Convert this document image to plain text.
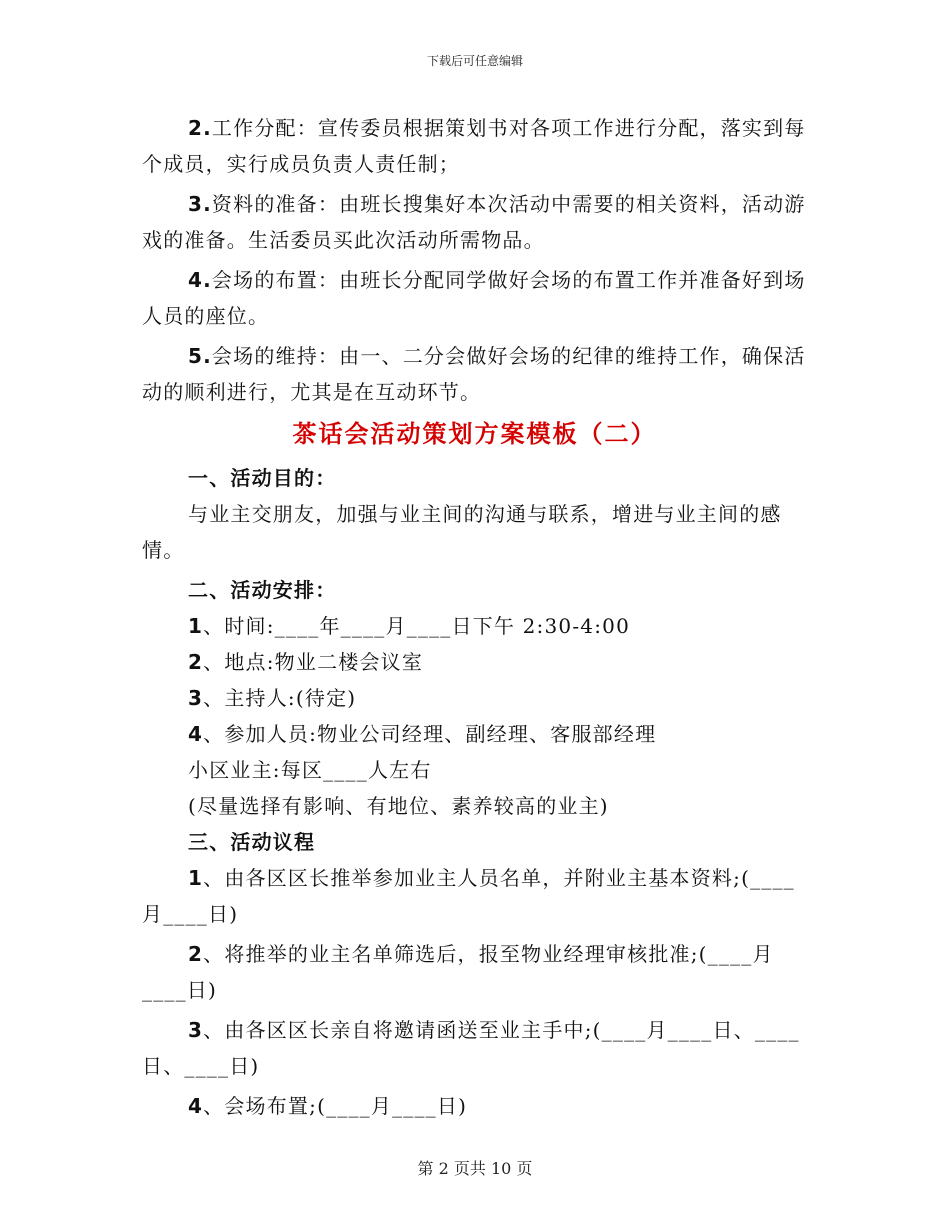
下载后可任意编辑

2.工作分配：宣传委员根据策划书对各项工作进行分配，落实到每个成员，实行成员负责人责任制；

3.资料的准备：由班长搜集好本次活动中需要的相关资料，活动游戏的准备。生活委员买此次活动所需物品。

4.会场的布置：由班长分配同学做好会场的布置工作并准备好到场人员的座位。

5.会场的维持：由一、二分会做好会场的纪律的维持工作，确保活动的顺利进行，尤其是在互动环节。

茶话会活动策划方案模板（二）

一、活动目的：

与业主交朋友，加强与业主间的沟通与联系，增进与业主间的感情。

二、活动安排：

1、时间:____年____月____日下午 2:30-4:00

2、地点:物业二楼会议室

3、主持人:(待定)

4、参加人员:物业公司经理、副经理、客服部经理

小区业主:每区____人左右

(尽量选择有影响、有地位、素养较高的业主)

三、活动议程

1、由各区区长推举参加业主人员名单，并附业主基本资料;(____月____日)

2、将推举的业主名单筛选后，报至物业经理审核批准;(____月____日)

3、由各区区长亲自将邀请函送至业主手中;(____月____日、____日、____日)

4、会场布置;(____月____日)

第 2 页共 10 页
